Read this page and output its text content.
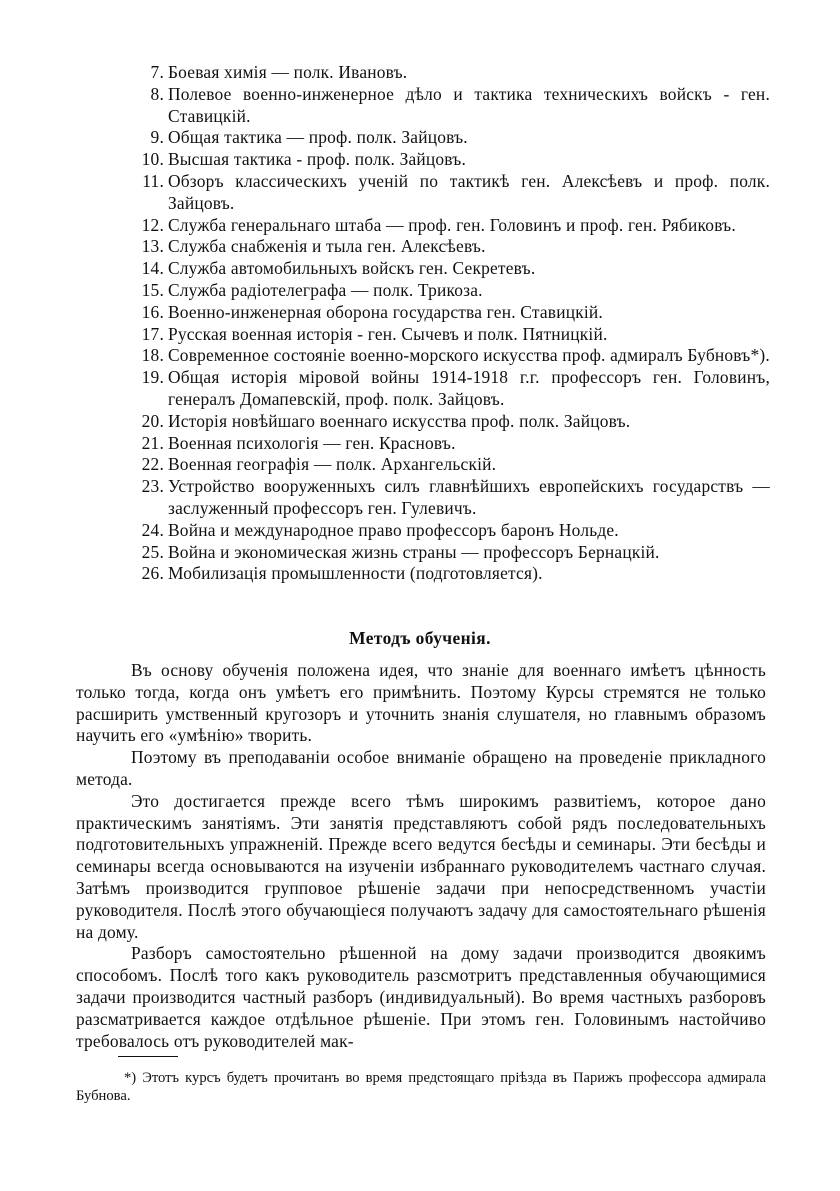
7. Боевая химія — полк. Ивановъ.
8. Полевое военно-инженерное дѣло и тактика техническихъ войскъ - ген. Ставицкій.
9. Общая тактика — проф. полк. Зайцовъ.
10. Высшая тактика - проф. полк. Зайцовъ.
11. Обзоръ классическихъ ученій по тактикѣ ген. Алексѣевъ и проф. полк. Зайцовъ.
12. Служба генеральнаго штаба — проф. ген. Головинъ и проф. ген. Рябиковъ.
13. Служба снабженія и тыла ген. Алексѣевъ.
14. Служба автомобильныхъ войскъ ген. Секретевъ.
15. Служба радіотелеграфа — полк. Трикоза.
16. Военно-инженерная оборона государства ген. Ставицкій.
17. Русская военная исторія - ген. Сычевъ и полк. Пятницкій.
18. Современное состояніе военно-морского искусства проф. адмиралъ Бубновъ*).
19. Общая исторія міровой войны 1914-1918 г.г. профессоръ ген. Головинъ, генералъ Домапевскій, проф. полк. Зайцовъ.
20. Исторія новѣйшаго военнаго искусства проф. полк. Зайцовъ.
21. Военная психологія — ген. Красновъ.
22. Военная географія — полк. Архангельскій.
23. Устройство вооруженныхъ силъ главнѣйшихъ европейскихъ государствъ — заслуженный профессоръ ген. Гулевичъ.
24. Война и международное право профессоръ баронъ Нольде.
25. Война и экономическая жизнь страны — профессоръ Бернацкій.
26. Мобилизація промышленности (подготовляется).
Методъ обученія.

Въ основу обученія положена идея, что знаніе для военнаго имѣетъ цѣнность только тогда, когда онъ умѣетъ его примѣнить. Поэтому Курсы стремятся не только расширить умственный кругозоръ и уточнить знанія слушателя, но главнымъ образомъ научить его «умѣнію» творить.

Поэтому въ преподаваніи особое вниманіе обращено на проведеніе прикладного метода.

Это достигается прежде всего тѣмъ широкимъ развитіемъ, которое дано практическимъ занятіямъ. Эти занятія представляютъ собой рядъ последовательныхъ подготовительныхъ упражненій. Прежде всего ведутся бесѣды и семинары. Эти бесѣды и семинары всегда основываются на изученіи избраннаго руководителемъ частнаго случая. Затѣмъ производится групповое рѣшеніе задачи при непосредственномъ участіи руководителя. Послѣ этого обучающіеся получаютъ задачу для самостоятельнаго рѣшенія на дому.

Разборъ самостоятельно рѣшенной на дому задачи производится двоякимъ способомъ. Послѣ того какъ руководитель разсмотритъ представленныя обучающимися задачи производится частный разборъ (индивидуальный). Во время частныхъ разборовъ разсматривается каждое отдѣльное рѣшеніе. При этомъ ген. Головинымъ настойчиво требовалось отъ руководителей мак-

*) Этотъ курсъ будетъ прочитанъ во время предстоящаго пріѣзда въ Парижъ профессора адмирала Бубнова.
